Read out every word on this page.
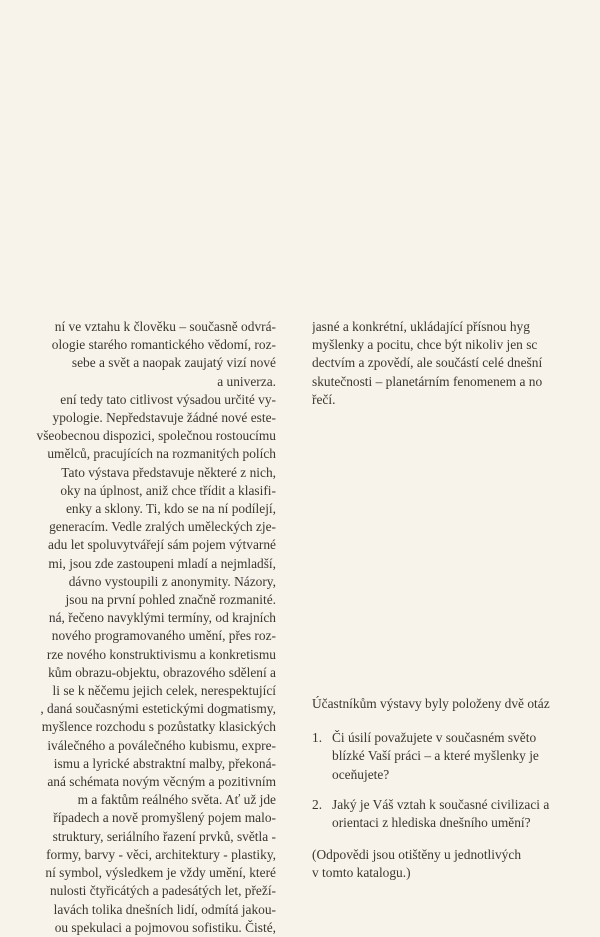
ní ve vztahu k člověku – současně odvrá-
ologie starého romantického vědomí, roz-
sebe a svět a naopak zaujatý vizí nové
a univerza.
ení tedy tato citlivost výsadou určité vy-
ypologie. Nepředstavuje žádné nové este-
všeobecnou dispozici, společnou rostoucímu
umělců, pracujících na rozmanitých polích
Tato výstava představuje některé z nich,
oky na úplnost, aniž chce třídit a klasifi-
enky a sklony. Ti, kdo se na ní podílejí,
generacím. Vedle zralých uměleckých zje-
adu let spoluvytvářejí sám pojem výtvarné
mi, jsou zde zastoupeni mladí a nejmladší,
dávno vystoupili z anonymity. Názory,
jsou na první pohled značně rozmanité.
ná, řečeno navyklými termíny, od krajních
nového programovaného umění, přes roz-
rze nového konstruktivismu a konkretismu
kům obrazu-objektu, obrazového sdělení a
li se k něčemu jejich celek, nerespektující
, daná současnými estetickými dogmatismy,
myšlence rozchodu s pozůstatky klasických
iválečného a poválečného kubismu, expre-
ismu a lyrické abstraktní malby, překoná-
aná schémata novým věcným a pozitivním
m a faktům reálného světa. Ať už jde
řípadech a nově promyšlený pojem malo-
struktury, seriálního řazení prvků, světla -
formy, barvy - věci, architektury - plastiky,
ní symbol, výsledkem je vždy umění, které
nulosti čtyřicátých a padesátých let, přeží-
lavách tolika dnešních lidí, odmítá jakou-
ou spekulaci a pojmovou sofistiku. Čisté,
jasné a konkrétní, ukládající přísnou hyg
myšlenky a pocitu, chce být nikoliv jen sc
dectvím a zpovědí, ale součástí celé dnešní
skutečnosti – planetárním fenomenem a no
řečí.
Účastníkům výstavy byly položeny dvě otáz
1. Či úsilí považujete v současném světo
blízké Vaší práci – a které myšlenky je
oceňujete?
2. Jaký je Váš vztah k současné civilizaci a
orientaci z hlediska dnešního umění?
(Odpovědi jsou otištěny u jednotlivých
v tomto katalogu.)
